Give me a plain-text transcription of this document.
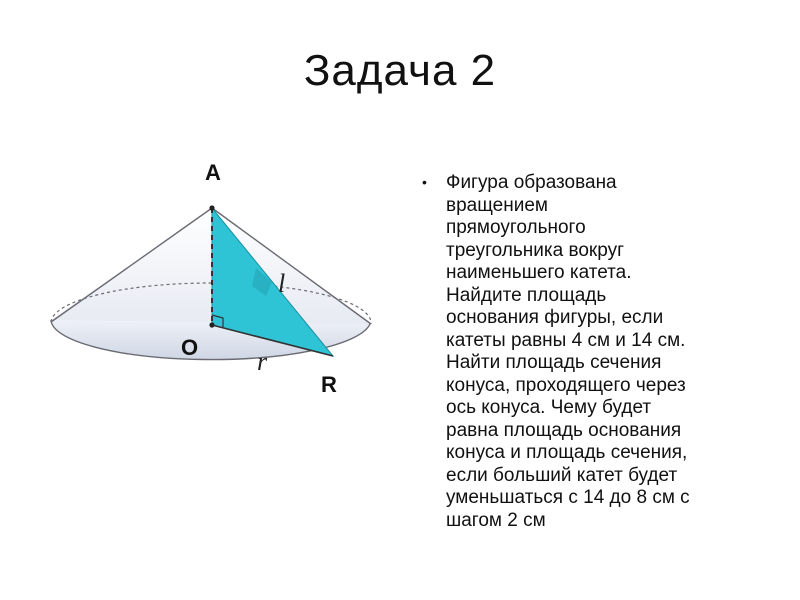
Задача 2
A
O
R
l
r
• Фигура образована
вращением
прямоугольного
треугольника вокруг
наименьшего катета.
Найдите площадь
основания фигуры, если
катеты равны 4 см и 14 см.
Найти площадь сечения
конуса, проходящего через
ось конуса. Чему будет
равна площадь основания
конуса и площадь сечения,
если больший катет будет
уменьшаться с 14 до 8 см с
шагом 2 см
